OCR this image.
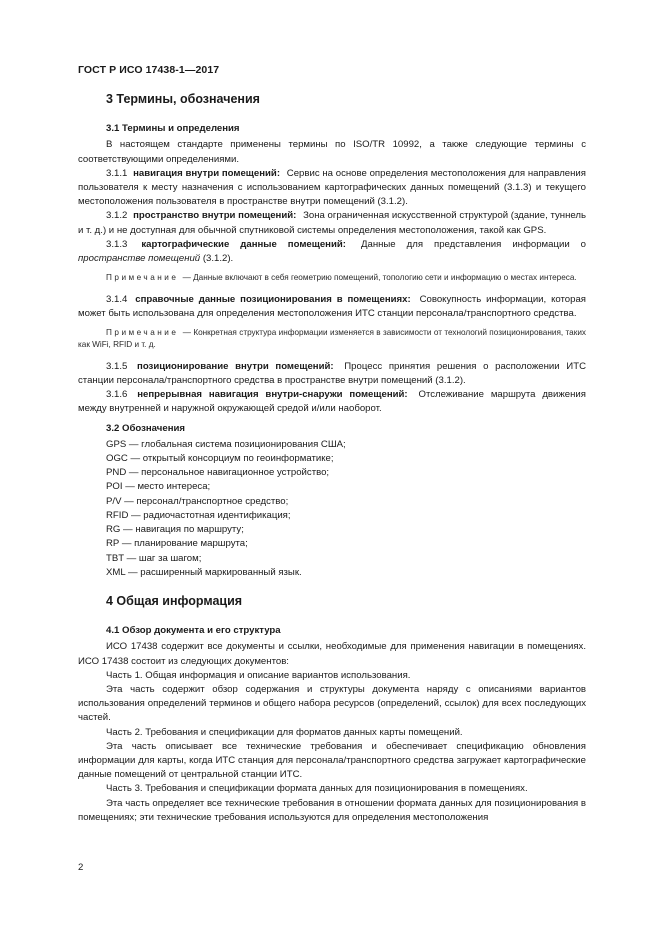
ГОСТ Р ИСО 17438-1—2017
3 Термины, обозначения
3.1 Термины и определения

В настоящем стандарте применены термины по ISO/TR 10992, а также следующие термины с соответствующими определениями.

3.1.1 навигация внутри помещений: Сервис на основе определения местоположения для направления пользователя к месту назначения с использованием картографических данных помещений (3.1.3) и текущего местоположения пользователя в пространстве внутри помещений (3.1.2).

3.1.2 пространство внутри помещений: Зона ограниченная искусственной структурой (здание, туннель и т. д.) и не доступная для обычной спутниковой системы определения местоположения, такой как GPS.

3.1.3 картографические данные помещений: Данные для представления информации о пространстве помещений (3.1.2).

Примечание — Данные включают в себя геометрию помещений, топологию сети и информацию о местах интереса.

3.1.4 справочные данные позиционирования в помещениях: Совокупность информации, которая может быть использована для определения местоположения ИТС станции персонала/транспортного средства.

Примечание — Конкретная структура информации изменяется в зависимости от технологий позиционирования, таких как WiFi, RFID и т. д.

3.1.5 позиционирование внутри помещений: Процесс принятия решения о расположении ИТС станции персонала/транспортного средства в пространстве внутри помещений (3.1.2).

3.1.6 непрерывная навигация внутри-снаружи помещений: Отслеживание маршрута движения между внутренней и наружной окружающей средой и/или наоборот.

3.2 Обозначения
GPS — глобальная система позиционирования США;
OGC — открытый консорциум по геоинформатике;
PND — персональное навигационное устройство;
POI — место интереса;
P/V — персонал/транспортное средство;
RFID — радиочастотная идентификация;
RG — навигация по маршруту;
RP — планирование маршрута;
TBT — шаг за шагом;
XML — расширенный маркированный язык.
4 Общая информация
4.1 Обзор документа и его структура

ИСО 17438 содержит все документы и ссылки, необходимые для применения навигации в помещениях. ИСО 17438 состоит из следующих документов:

Часть 1. Общая информация и описание вариантов использования.

Эта часть содержит обзор содержания и структуры документа наряду с описаниями вариантов использования определений терминов и общего набора ресурсов (определений, ссылок) для всех последующих частей.

Часть 2. Требования и спецификации для форматов данных карты помещений.

Эта часть описывает все технические требования и обеспечивает спецификацию обновления информации для карты, когда ИТС станция для персонала/транспортного средства загружает картографические данные помещений от центральной станции ИТС.

Часть 3. Требования и спецификации формата данных для позиционирования в помещениях.

Эта часть определяет все технические требования в отношении формата данных для позиционирования в помещениях; эти технические требования используются для определения местоположения

2
